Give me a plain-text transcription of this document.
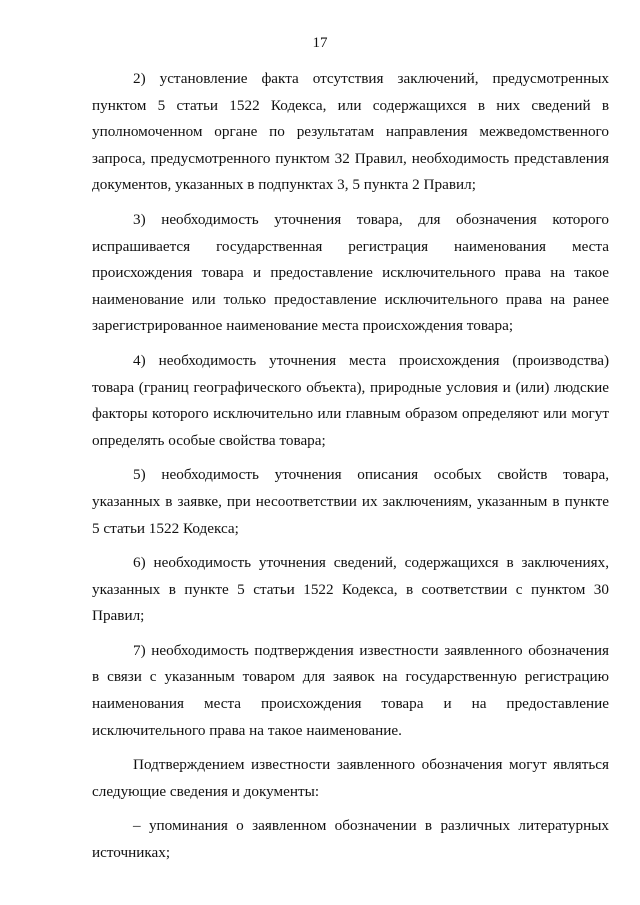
17

2) установление факта отсутствия заключений, предусмотренных пунктом 5 статьи 1522 Кодекса, или содержащихся в них сведений в уполномоченном органе по результатам направления межведомственного запроса, предусмотренного пунктом 32 Правил, необходимость представления документов, указанных в подпунктах 3, 5 пункта 2 Правил;

3) необходимость уточнения товара, для обозначения которого испрашивается государственная регистрация наименования места происхождения товара и предоставление исключительного права на такое наименование или только предоставление исключительного права на ранее зарегистрированное наименование места происхождения товара;

4) необходимость уточнения места происхождения (производства) товара (границ географического объекта), природные условия и (или) людские факторы которого исключительно или главным образом определяют или могут определять особые свойства товара;

5) необходимость уточнения описания особых свойств товара, указанных в заявке, при несоответствии их заключениям, указанным в пункте 5 статьи 1522 Кодекса;

6) необходимость уточнения сведений, содержащихся в заключениях, указанных в пункте 5 статьи 1522 Кодекса, в соответствии с пунктом 30 Правил;

7) необходимость подтверждения известности заявленного обозначения в связи с указанным товаром для заявок на государственную регистрацию наименования места происхождения товара и на предоставление исключительного права на такое наименование.

Подтверждением известности заявленного обозначения могут являться следующие сведения и документы:

– упоминания о заявленном обозначении в различных литературных источниках;
